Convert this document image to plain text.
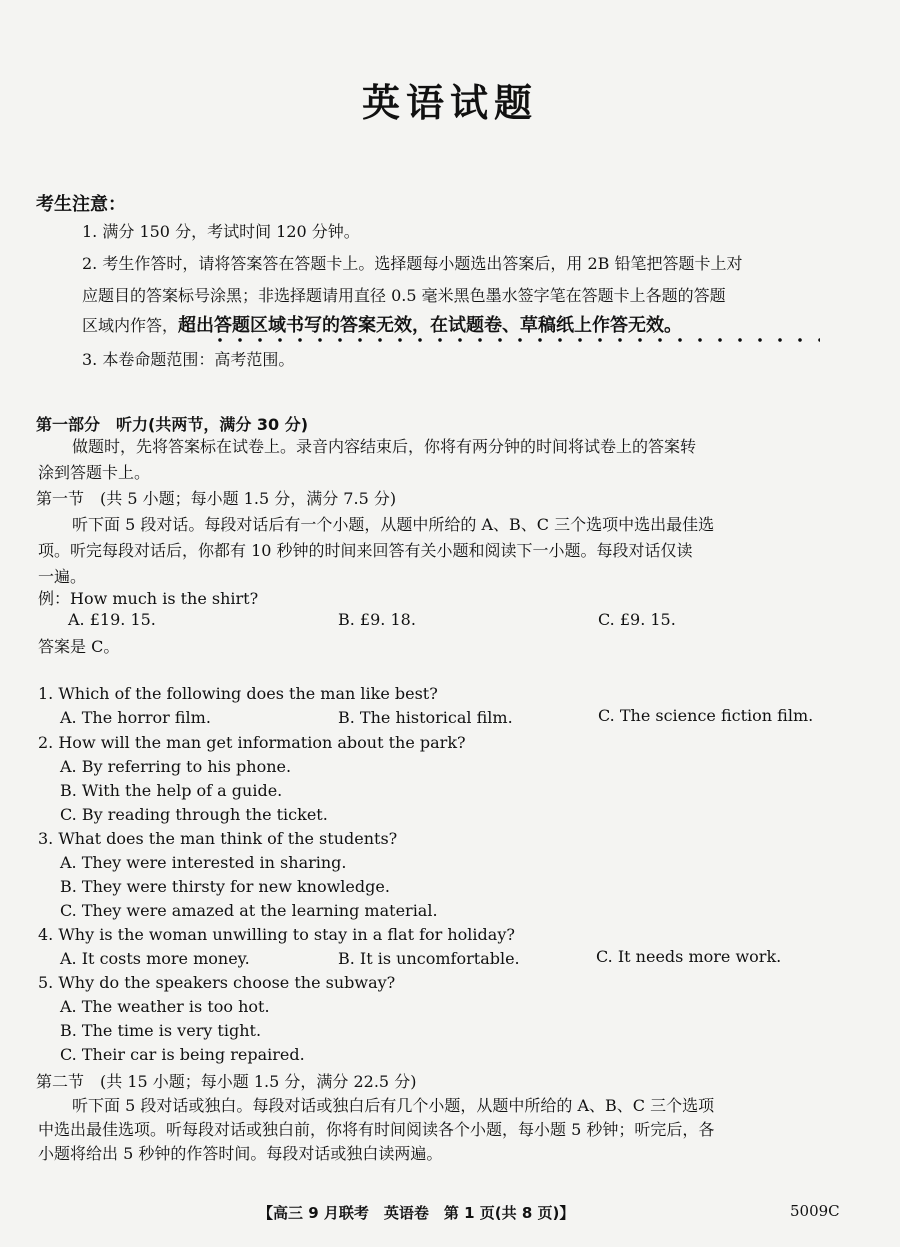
英语试题
考生注意：
1. 满分 150 分，考试时间 120 分钟。
2. 考生作答时，请将答案答在答题卡上。选择题每小题选出答案后，用 2B 铅笔把答题卡上对
应题目的答案标号涂黑；非选择题请用直径 0.5 毫米黑色墨水签字笔在答题卡上各题的答题
区域内作答，超出答题区域书写的答案无效，在试题卷、草稿纸上作答无效。
3. 本卷命题范围：高考范围。
第一部分　听力(共两节，满分 30 分)
做题时，先将答案标在试卷上。录音内容结束后，你将有两分钟的时间将试卷上的答案转
涂到答题卡上。
第一节　(共 5 小题；每小题 1.5 分，满分 7.5 分)
听下面 5 段对话。每段对话后有一个小题，从题中所给的 A、B、C 三个选项中选出最佳选
项。听完每段对话后，你都有 10 秒钟的时间来回答有关小题和阅读下一小题。每段对话仅读
一遍。
例：How much is the shirt?
A. £19. 15.	B. £9. 18.	C. £9. 15.
答案是 C。
1. Which of the following does the man like best?
A. The horror film.	B. The historical film.	C. The science fiction film.
2. How will the man get information about the park?
A. By referring to his phone.
B. With the help of a guide.
C. By reading through the ticket.
3. What does the man think of the students?
A. They were interested in sharing.
B. They were thirsty for new knowledge.
C. They were amazed at the learning material.
4. Why is the woman unwilling to stay in a flat for holiday?
A. It costs more money.	B. It is uncomfortable.	C. It needs more work.
5. Why do the speakers choose the subway?
A. The weather is too hot.
B. The time is very tight.
C. Their car is being repaired.
第二节　(共 15 小题；每小题 1.5 分，满分 22.5 分)
听下面 5 段对话或独白。每段对话或独白后有几个小题，从题中所给的 A、B、C 三个选项
中选出最佳选项。听每段对话或独白前，你将有时间阅读各个小题，每小题 5 秒钟；听完后，各
小题将给出 5 秒钟的作答时间。每段对话或独白读两遍。
【高三 9 月联考　英语卷　第 1 页(共 8 页)】	5009C
